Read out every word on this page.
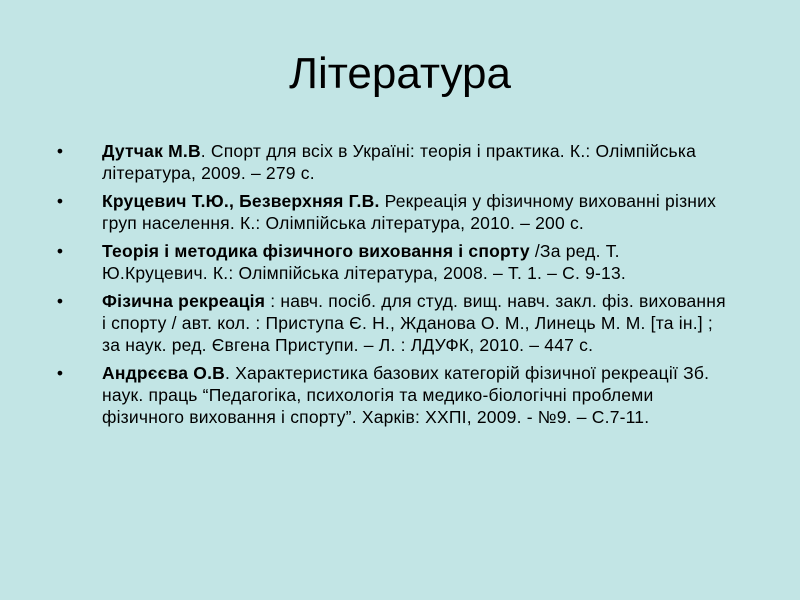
Література
•	Дутчак М.В. Спорт для всіх в Україні: теорія і практика. К.: Олімпійська література, 2009. – 279 с.
•	Круцевич Т.Ю., Безверхняя Г.В. Рекреація у фізичному вихованні різних груп населення. К.: Олімпійська література, 2010. – 200 с.
•	Теорія і методика фізичного виховання і спорту /За ред. Т. Ю.Круцевич. К.: Олімпійська література, 2008. – Т. 1. – С. 9-13.
•	Фізична рекреація : навч. посіб. для студ. вищ. навч. закл. фіз. виховання і спорту / авт. кол. : Приступа Є. Н., Жданова О. М., Линець М. М. [та ін.] ; за наук. ред. Євгена Приступи. – Л. : ЛДУФК, 2010. – 447 с.
•	Андрєєва О.В. Характеристика базових категорій фізичної рекреації Зб. наук. праць “Педагогіка, психологія та медико-біологічні проблеми фізичного виховання і спорту”. Харків: ХХПІ, 2009. - №9. – С.7-11.
